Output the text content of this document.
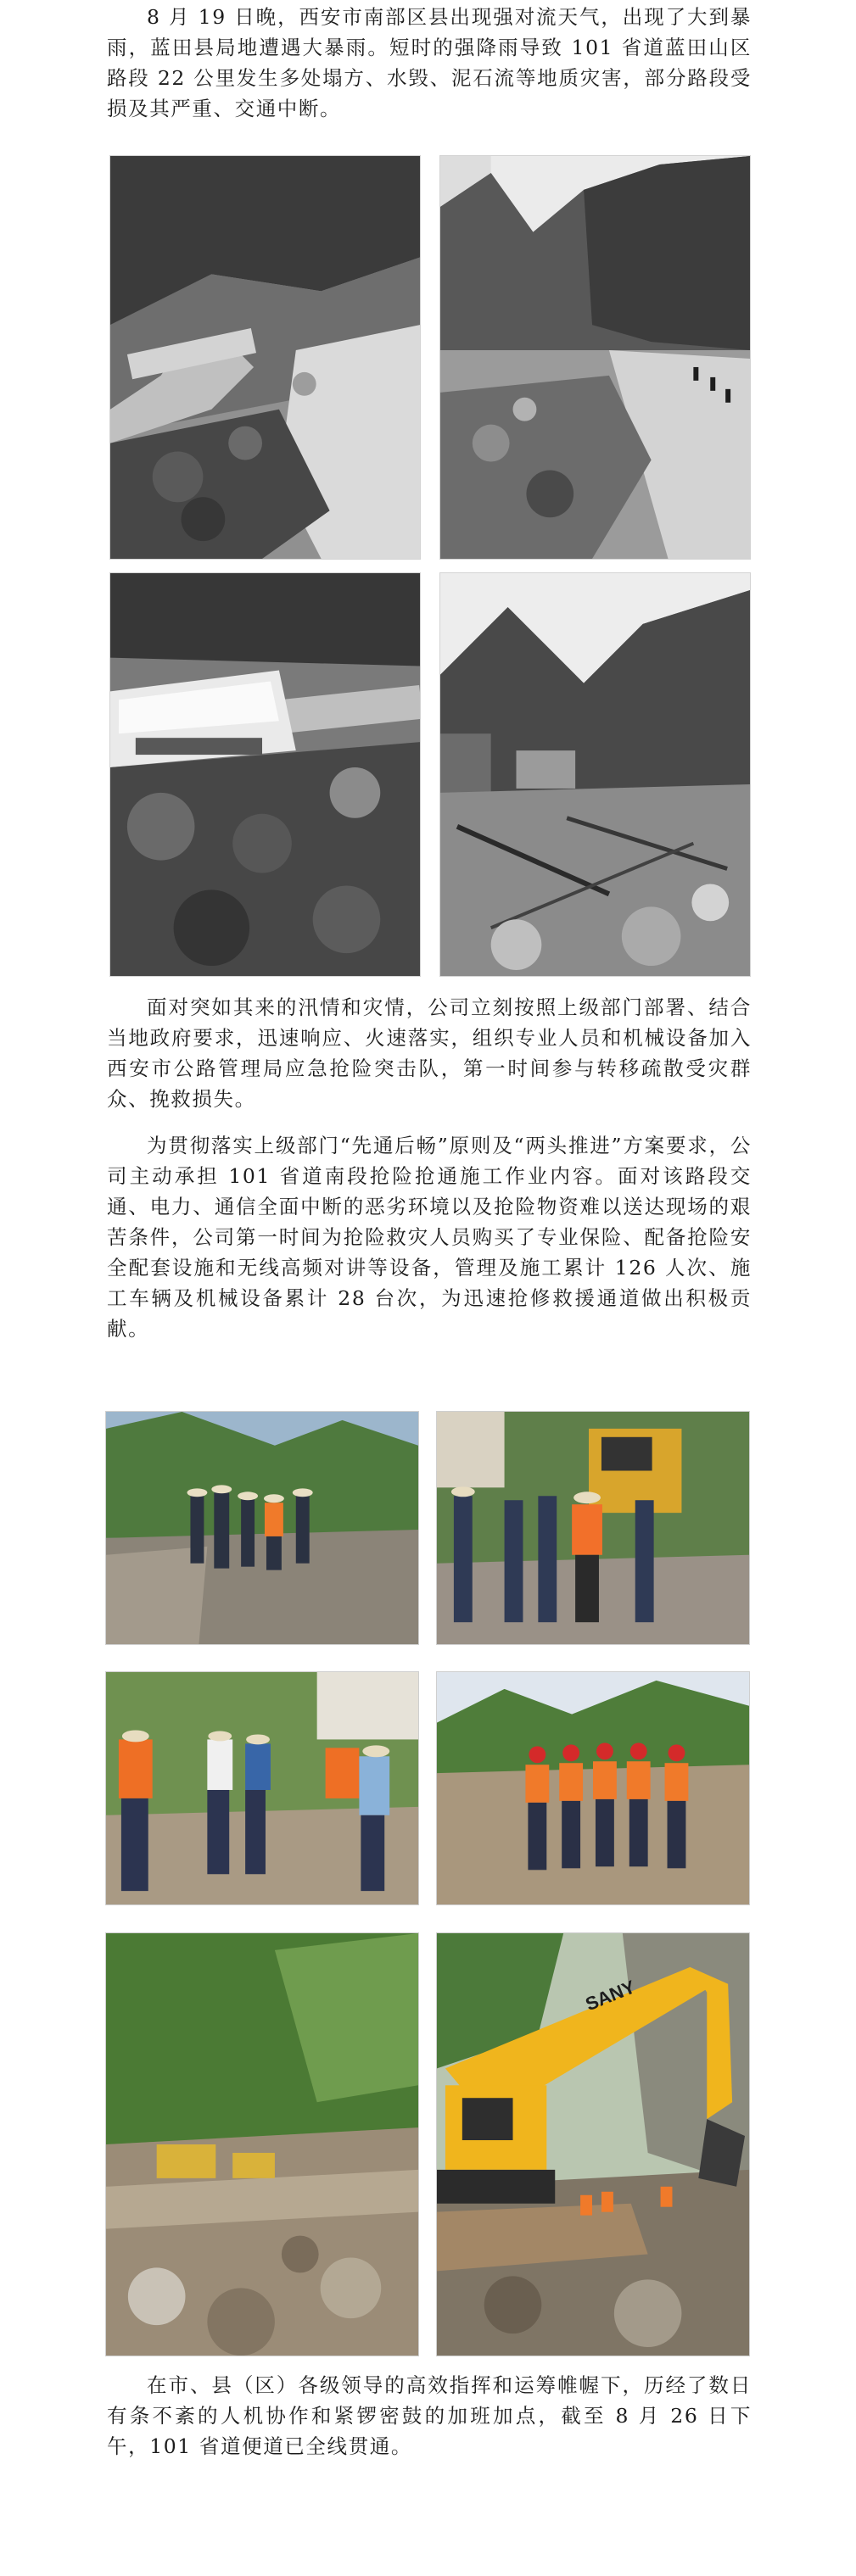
8 月 19 日晚，西安市南部区县出现强对流天气，出现了大到暴雨，蓝田县局地遭遇大暴雨。短时的强降雨导致 101 省道蓝田山区路段 22 公里发生多处塌方、水毁、泥石流等地质灾害，部分路段受损及其严重、交通中断。

面对突如其来的汛情和灾情，公司立刻按照上级部门部署、结合当地政府要求，迅速响应、火速落实，组织专业人员和机械设备加入西安市公路管理局应急抢险突击队，第一时间参与转移疏散受灾群众、挽救损失。

为贯彻落实上级部门“先通后畅”原则及“两头推进”方案要求，公司主动承担 101 省道南段抢险抢通施工作业内容。面对该路段交通、电力、通信全面中断的恶劣环境以及抢险物资难以送达现场的艰苦条件，公司第一时间为抢险救灾人员购买了专业保险、配备抢险安全配套设施和无线高频对讲等设备，管理及施工累计 126 人次、施工车辆及机械设备累计 28 台次，为迅速抢修救援通道做出积极贡献。

SANY

在市、县（区）各级领导的高效指挥和运筹帷幄下，历经了数日有条不紊的人机协作和紧锣密鼓的加班加点，截至 8 月 26 日下午，101 省道便道已全线贯通。
